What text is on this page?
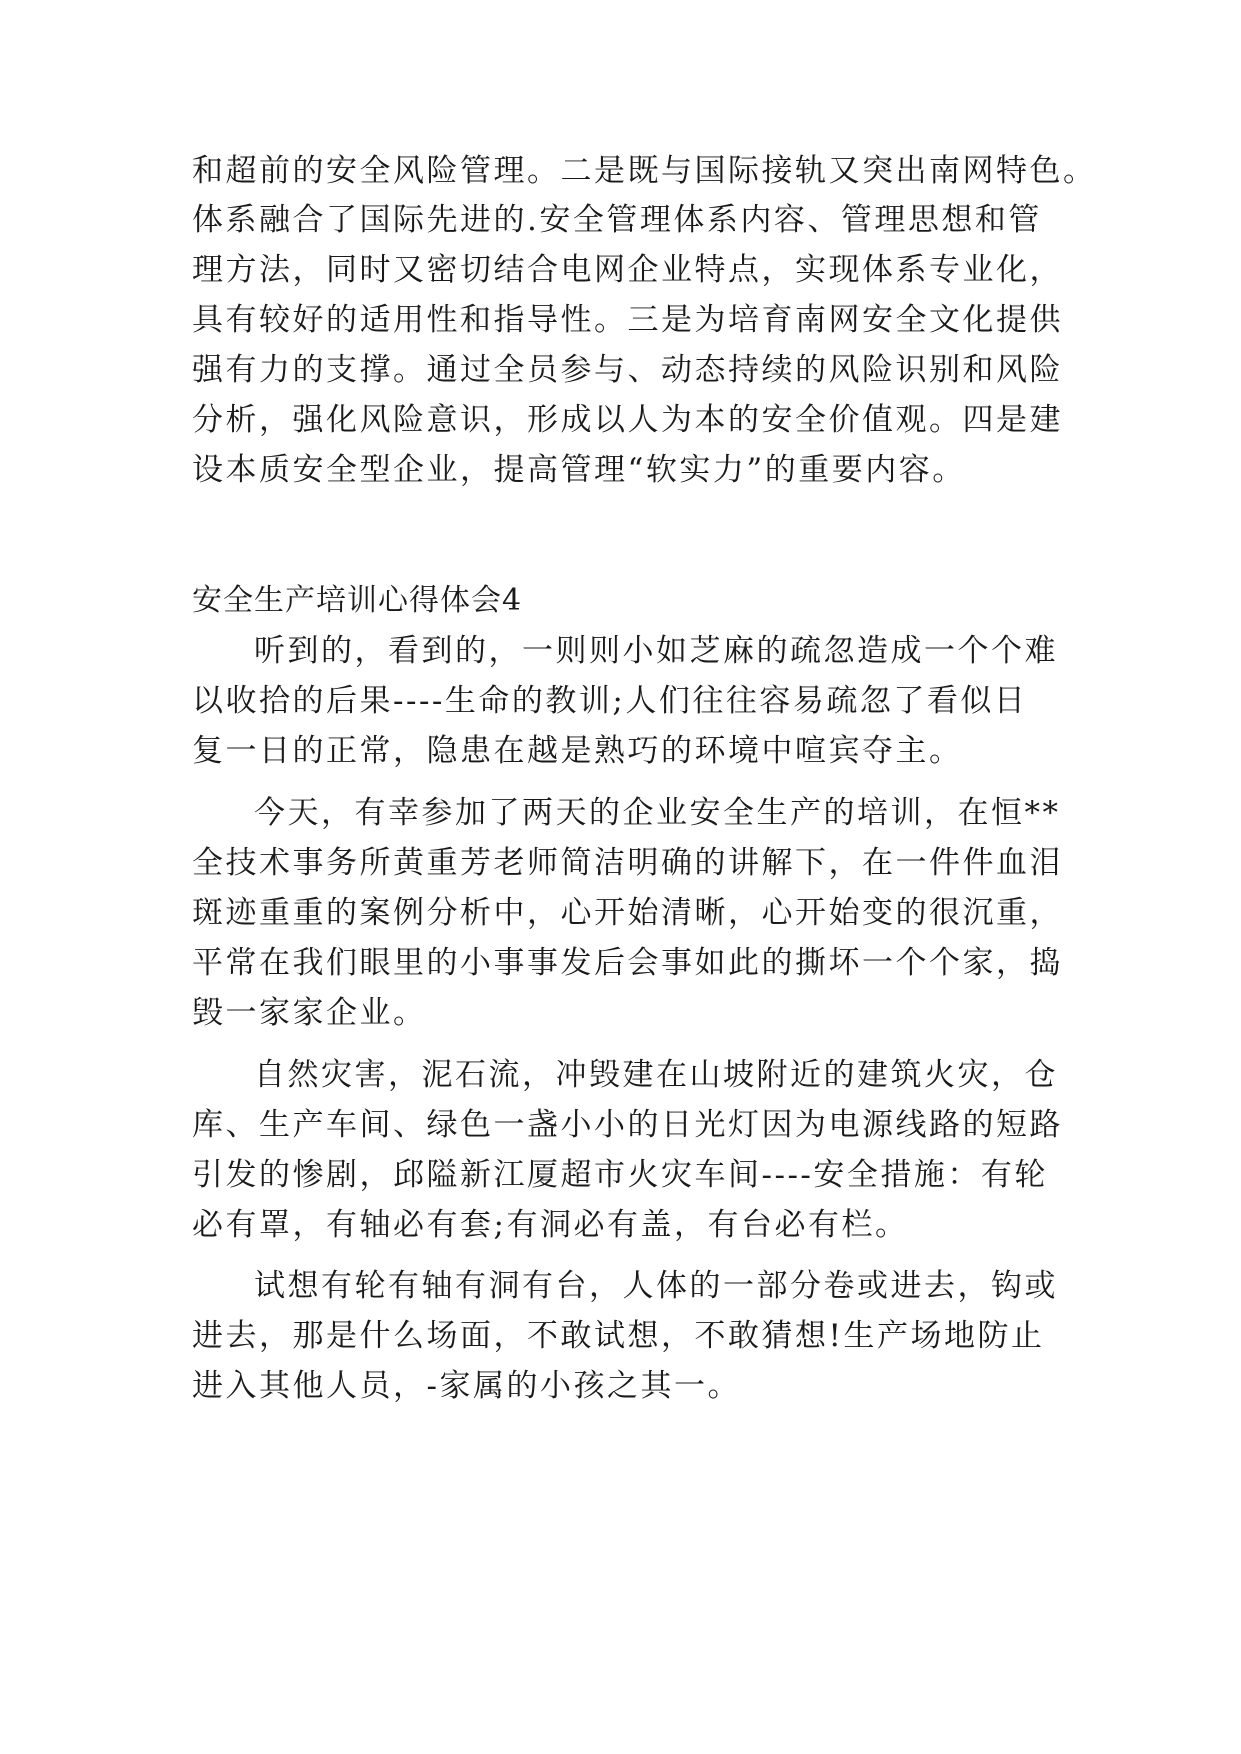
和超前的安全风险管理。二是既与国际接轨又突出南网特色。
体系融合了国际先进的.安全管理体系内容、管理思想和管
理方法，同时又密切结合电网企业特点，实现体系专业化，
具有较好的适用性和指导性。三是为培育南网安全文化提供
强有力的支撑。通过全员参与、动态持续的风险识别和风险
分析，强化风险意识，形成以人为本的安全价值观。四是建
设本质安全型企业，提高管理“软实力”的重要内容。
安全生产培训心得体会4
听到的，看到的，一则则小如芝麻的疏忽造成一个个难
以收拾的后果----生命的教训;人们往往容易疏忽了看似日
复一日的正常，隐患在越是熟巧的环境中喧宾夺主。
今天，有幸参加了两天的企业安全生产的培训，在恒**
全技术事务所黄重芳老师简洁明确的讲解下，在一件件血泪
斑迹重重的案例分析中，心开始清晰，心开始变的很沉重，
平常在我们眼里的小事事发后会事如此的撕坏一个个家，捣
毁一家家企业。
自然灾害，泥石流，冲毁建在山坡附近的建筑火灾，仓
库、生产车间、绿色一盏小小的日光灯因为电源线路的短路
引发的惨剧，邱隘新江厦超市火灾车间----安全措施：有轮
必有罩，有轴必有套;有洞必有盖，有台必有栏。
试想有轮有轴有洞有台，人体的一部分卷或进去，钩或
进去，那是什么场面，不敢试想，不敢猜想!生产场地防止
进入其他人员，-家属的小孩之其一。
